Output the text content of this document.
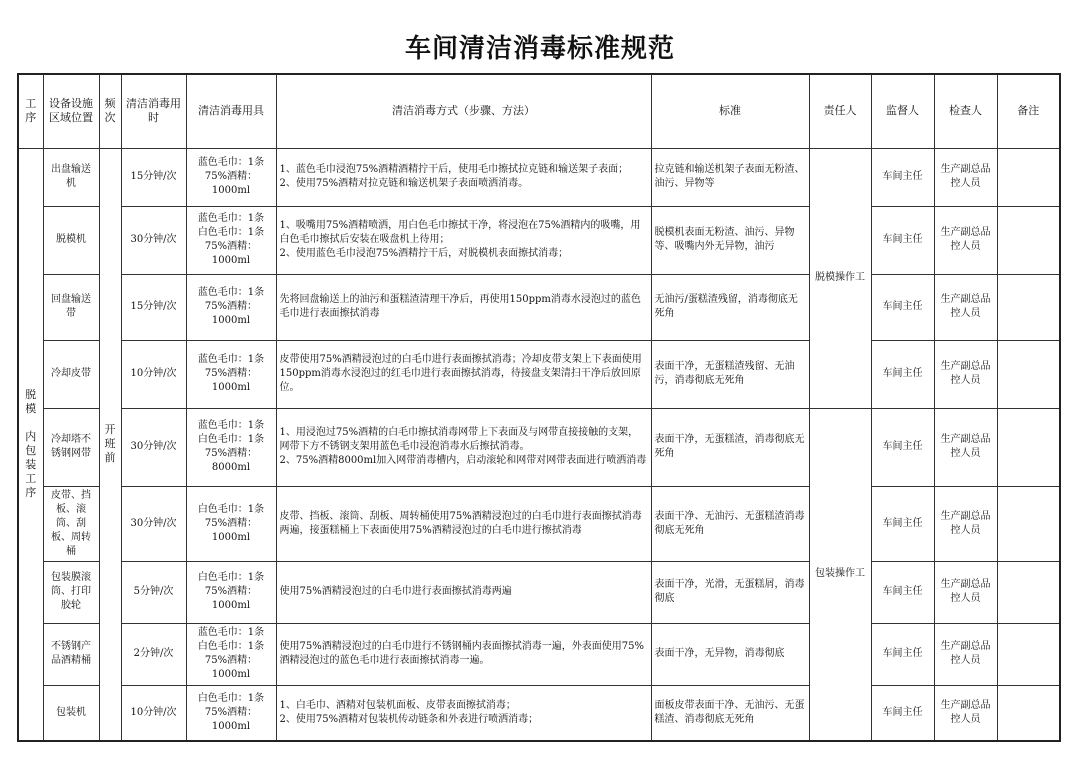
车间清洁消毒标准规范
工序	设备设施区域位置	频次	清洁消毒用时	清洁消毒用具	清洁消毒方式（步骤、方法）	标准	责任人	监督人	检查人	备注
脱模

内包装工序	出盘输送机	开班前	15分钟/次	蓝色毛巾：1条
75%酒精：1000ml	1、蓝色毛巾浸泡75%酒精酒精拧干后，使用毛巾擦拭拉克链和输送架子表面；
2、使用75%酒精对拉克链和输送机架子表面喷洒消毒。	拉克链和输送机架子表面无粉渣、油污、异物等	脱模操作工	车间主任	生产副总品控人员	
	脱模机		30分钟/次	蓝色毛巾：1条
白色毛巾：1条
75%酒精：1000ml	1、吸嘴用75%酒精喷洒，用白色毛巾擦拭干净，将浸泡在75%酒精内的吸嘴，用白色毛巾擦拭后安装在吸盘机上待用；
2、使用蓝色毛巾浸泡75%酒精拧干后，对脱模机表面擦拭消毒；	脱模机表面无粉渣、油污、异物等、吸嘴内外无异物，油污		车间主任	生产副总品控人员	
	回盘输送带		15分钟/次	蓝色毛巾：1条
75%酒精：1000ml	先将回盘输送上的油污和蛋糕渣清理干净后，再使用150ppm消毒水浸泡过的蓝色毛巾进行表面擦拭消毒	无油污/蛋糕渣残留，消毒彻底无死角		车间主任	生产副总品控人员	
	冷却皮带		10分钟/次	蓝色毛巾：1条
75%酒精：1000ml	皮带使用75%酒精浸泡过的白毛巾进行表面擦拭消毒；冷却皮带支架上下表面使用150ppm消毒水浸泡过的红毛巾进行表面擦拭消毒，待接盘支架清扫干净后放回原位。	表面干净，无蛋糕渣残留、无油污，消毒彻底无死角		车间主任	生产副总品控人员	
	冷却塔不锈钢网带		30分钟/次	蓝色毛巾：1条
白色毛巾：1条
75%酒精：8000ml	1、用浸泡过75%酒精的白毛巾擦拭消毒网带上下表面及与网带直接接触的支架，网带下方不锈钢支架用蓝色毛巾浸泡消毒水后擦拭消毒。
2、75%酒精8000ml加入网带消毒槽内，启动滚轮和网带对网带表面进行喷洒消毒	表面干净，无蛋糕渣，消毒彻底无死角	包装操作工	车间主任	生产副总品控人员	
	皮带、挡板、滚筒、刮板、周转桶		30分钟/次	白色毛巾：1条
75%酒精：1000ml	皮带、挡板、滚筒、刮板、周转桶使用75%酒精浸泡过的白毛巾进行表面擦拭消毒两遍，接蛋糕桶上下表面使用75%酒精浸泡过的白毛巾进行擦拭消毒	表面干净、无油污、无蛋糕渣消毒彻底无死角		车间主任	生产副总品控人员	
	包装膜滚筒、打印胶轮		5分钟/次	白色毛巾：1条
75%酒精：1000ml	使用75%酒精浸泡过的白毛巾进行表面擦拭消毒两遍	表面干净，光滑，无蛋糕屑，消毒彻底		车间主任	生产副总品控人员	
	不锈钢产品酒精桶		2分钟/次	蓝色毛巾：1条
白色毛巾：1条
75%酒精：1000ml	使用75%酒精浸泡过的白毛巾进行不锈钢桶内表面擦拭消毒一遍，外表面使用75%酒精浸泡过的蓝色毛巾进行表面擦拭消毒一遍。	表面干净，无异物，消毒彻底		车间主任	生产副总品控人员	
	包装机		10分钟/次	白色毛巾：1条
75%酒精：1000ml	1、白毛巾、酒精对包装机面板、皮带表面擦拭消毒；
2、使用75%酒精对包装机传动链条和外表进行喷洒消毒；	面板皮带表面干净、无油污、无蛋糕渣、消毒彻底无死角		车间主任	生产副总品控人员	
